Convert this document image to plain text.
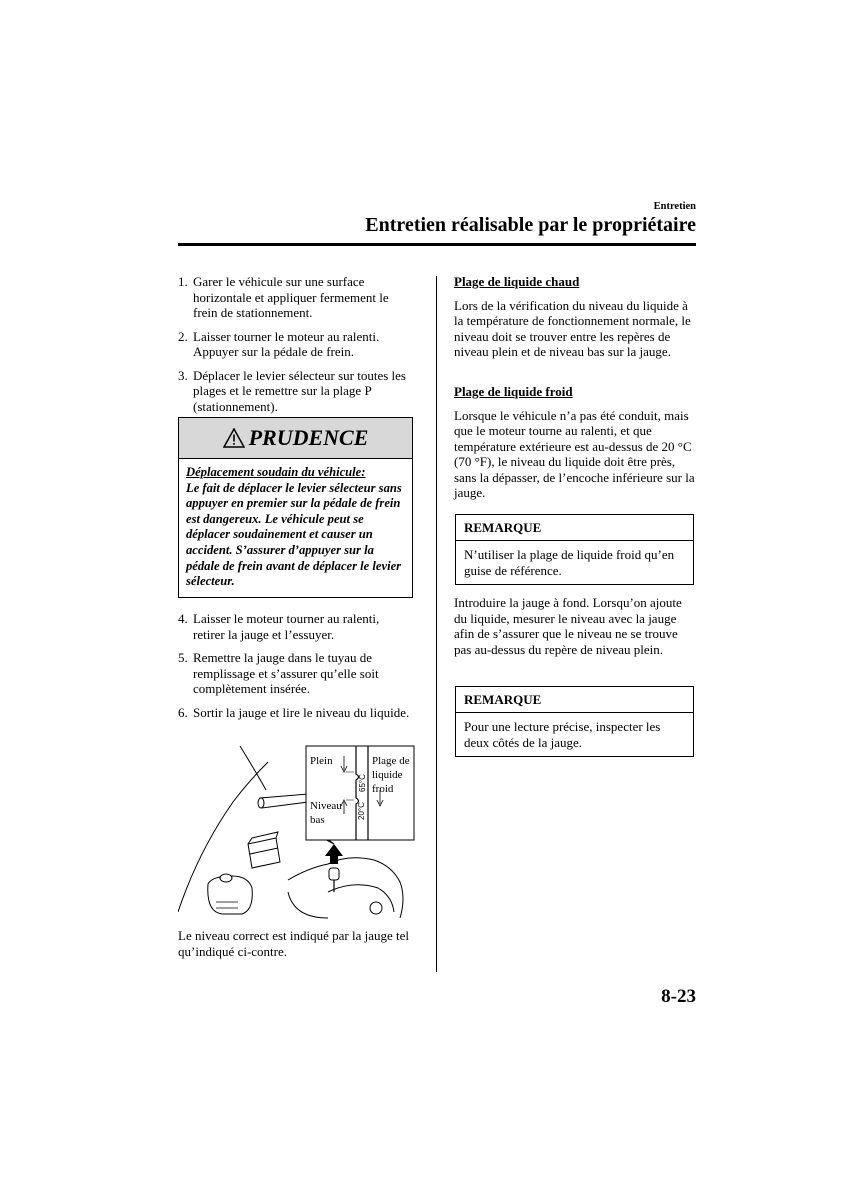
Entretien
Entretien réalisable par le propriétaire
1. Garer le véhicule sur une surface horizontale et appliquer fermement le frein de stationnement.
2. Laisser tourner le moteur au ralenti. Appuyer sur la pédale de frein.
3. Déplacer le levier sélecteur sur toutes les plages et le remettre sur la plage P (stationnement).
PRUDENCE
Déplacement soudain du véhicule:
Le fait de déplacer le levier sélecteur sans appuyer en premier sur la pédale de frein est dangereux. Le véhicule peut se déplacer soudainement et causer un accident. S’assurer d’appuyer sur la pédale de frein avant de déplacer le levier sélecteur.
4. Laisser le moteur tourner au ralenti, retirer la jauge et l’essuyer.
5. Remettre la jauge dans le tuyau de remplissage et s’assurer qu’elle soit complètement insérée.
6. Sortir la jauge et lire le niveau du liquide.
65°C
20°C
Plein
Niveau
bas
Plage de
liquide
froid
Le niveau correct est indiqué par la jauge tel qu’indiqué ci-contre.
Plage de liquide chaud
Lors de la vérification du niveau du liquide à la température de fonctionnement normale, le niveau doit se trouver entre les repères de niveau plein et de niveau bas sur la jauge.
Plage de liquide froid
Lorsque le véhicule n’a pas été conduit, mais que le moteur tourne au ralenti, et que température extérieure est au-dessus de 20 °C (70 °F), le niveau du liquide doit être près, sans la dépasser, de l’encoche inférieure sur la jauge.
REMARQUE
N’utiliser la plage de liquide froid qu’en guise de référence.
Introduire la jauge à fond. Lorsqu’on ajoute du liquide, mesurer le niveau avec la jauge afin de s’assurer que le niveau ne se trouve pas au-dessus du repère de niveau plein.
REMARQUE
Pour une lecture précise, inspecter les deux côtés de la jauge.
8-23
